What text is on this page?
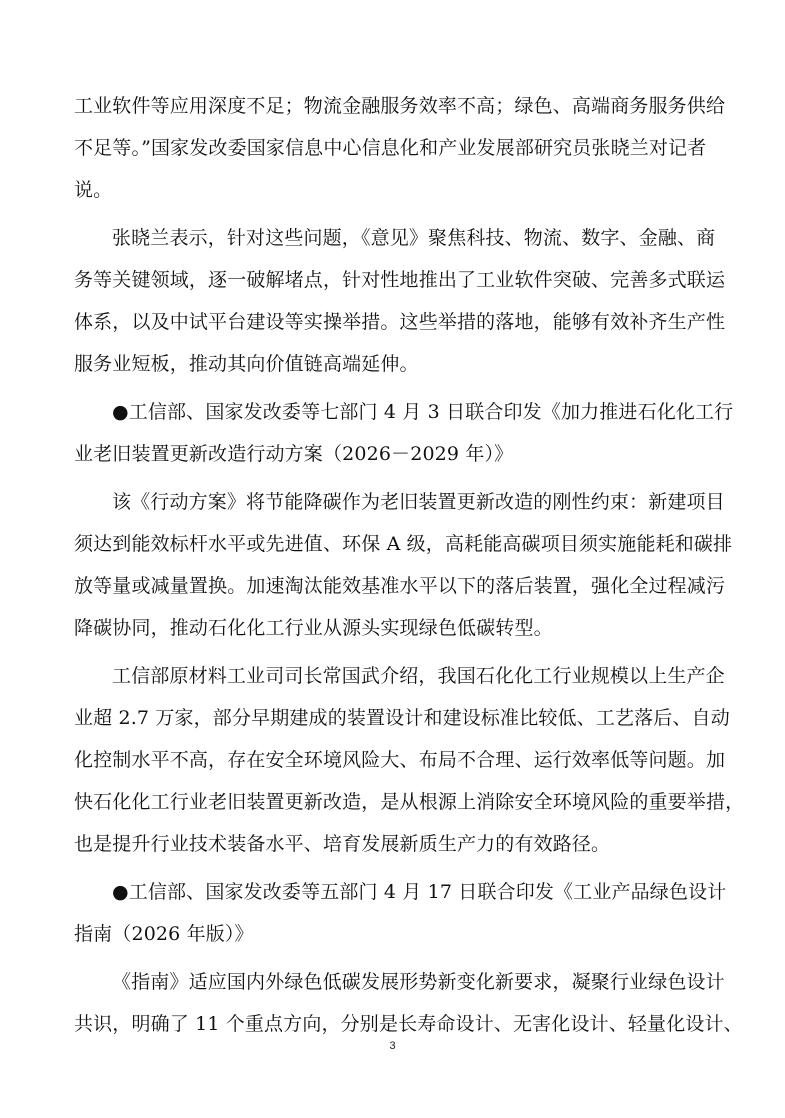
工业软件等应用深度不足；物流金融服务效率不高；绿色、高端商务服务供给
不足等。”国家发改委国家信息中心信息化和产业发展部研究员张晓兰对记者
说。
张晓兰表示，针对这些问题，《意见》聚焦科技、物流、数字、金融、商
务等关键领域，逐一破解堵点，针对性地推出了工业软件突破、完善多式联运
体系，以及中试平台建设等实操举措。这些举措的落地，能够有效补齐生产性
服务业短板，推动其向价值链高端延伸。
●工信部、国家发改委等七部门 4 月 3 日联合印发《加力推进石化化工行
业老旧装置更新改造行动方案（2026－2029 年）》
该《行动方案》将节能降碳作为老旧装置更新改造的刚性约束：新建项目
须达到能效标杆水平或先进值、环保 A 级，高耗能高碳项目须实施能耗和碳排
放等量或减量置换。加速淘汰能效基准水平以下的落后装置，强化全过程减污
降碳协同，推动石化化工行业从源头实现绿色低碳转型。
工信部原材料工业司司长常国武介绍，我国石化化工行业规模以上生产企
业超 2.7 万家，部分早期建成的装置设计和建设标准比较低、工艺落后、自动
化控制水平不高，存在安全环境风险大、布局不合理、运行效率低等问题。加
快石化化工行业老旧装置更新改造，是从根源上消除安全环境风险的重要举措，
也是提升行业技术装备水平、培育发展新质生产力的有效路径。
●工信部、国家发改委等五部门 4 月 17 日联合印发《工业产品绿色设计
指南（2026 年版）》
《指南》适应国内外绿色低碳发展形势新变化新要求，凝聚行业绿色设计
共识，明确了 11 个重点方向，分别是长寿命设计、无害化设计、轻量化设计、
3
